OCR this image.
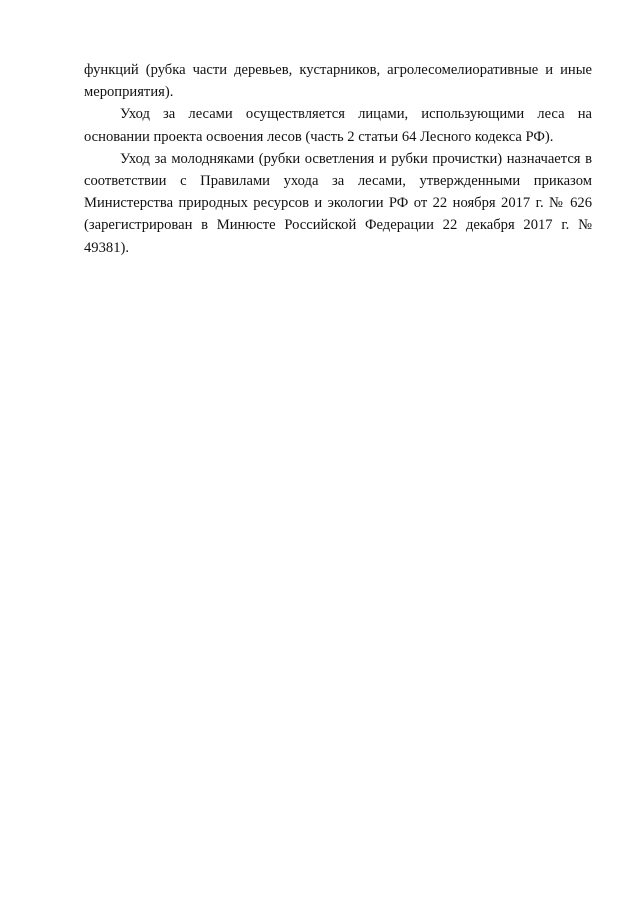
функций (рубка части деревьев, кустарников, агролесомелиоративные и иные мероприятия).

Уход за лесами осуществляется лицами, использующими леса на основании проекта освоения лесов (часть 2 статьи 64 Лесного кодекса РФ).

Уход за молодняками (рубки осветления и рубки прочистки) назначается в соответствии с Правилами ухода за лесами, утвержденными приказом Министерства природных ресурсов и экологии РФ от 22 ноября 2017 г. № 626 (зарегистрирован в Минюсте Российской Федерации 22 декабря 2017 г. № 49381).
